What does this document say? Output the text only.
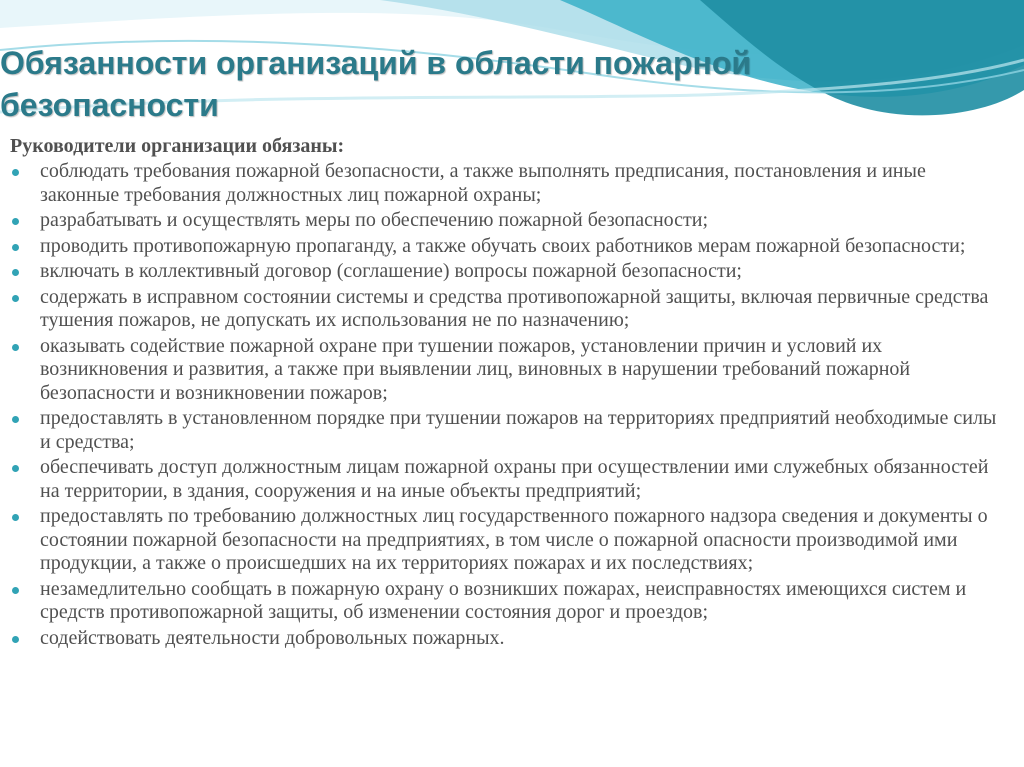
Обязанности организаций в области пожарной безопасности
Руководители организации обязаны:
соблюдать требования пожарной безопасности, а также выполнять предписания, постановления и иные законные требования должностных лиц пожарной охраны;
разрабатывать и осуществлять меры по обеспечению пожарной безопасности;
проводить противопожарную пропаганду, а также обучать своих работников мерам пожарной безопасности;
включать в коллективный договор (соглашение) вопросы пожарной безопасности;
содержать в исправном состоянии системы и средства противопожарной защиты, включая первичные средства тушения пожаров, не допускать их использования не по назначению;
оказывать содействие пожарной охране при тушении пожаров, установлении причин и условий их возникновения и развития, а также при выявлении лиц, виновных в нарушении требований пожарной безопасности и возникновении пожаров;
предоставлять в установленном порядке при тушении пожаров на территориях предприятий необходимые силы и средства;
обеспечивать доступ должностным лицам пожарной охраны при осуществлении ими служебных обязанностей на территории, в здания, сооружения и на иные объекты предприятий;
предоставлять по требованию должностных лиц государственного пожарного надзора сведения и документы о состоянии пожарной безопасности на предприятиях, в том числе о пожарной опасности производимой ими продукции, а также о происшедших на их территориях пожарах и их последствиях;
незамедлительно сообщать в пожарную охрану о возникших пожарах, неисправностях имеющихся систем и средств противопожарной защиты, об изменении состояния дорог и проездов;
содействовать деятельности добровольных пожарных.
